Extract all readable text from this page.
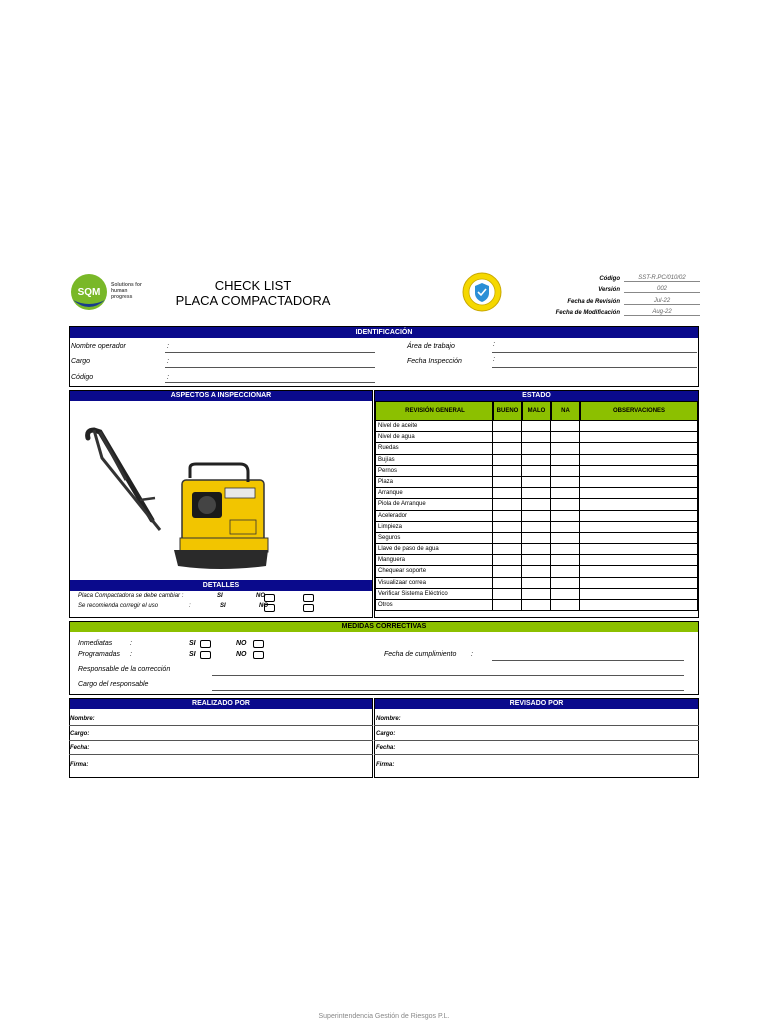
SQM
Solutions for human progress
CHECK LIST
PLACA COMPACTADORA
Código	SST-R.PC/010/02
Versión	002
Fecha de Revisión	Jul-22
Fecha de Modificación	Aug-22
IDENTIFICACIÓN
Nombre operador	:
Cargo	:
Código	:
Área de trabajo	:
Fecha Inspección	:
ASPECTOS A INSPECCIONAR	ESTADO
DETALLES
Placa Compactadora se debe cambiar :	SI	NO
Se recomienda corregir el uso	:	SI	NO
REVISIÓN GENERAL	BUENO	MALO	NA	OBSERVACIONES
Nivel de aceite
Nivel de agua
Ruedas
Bujías
Pernos
Plaza
Arranque
Piola de Arranque
Acelerador
Limpieza
Seguros
Llave de paso de agua
Manguera
Chequear soporte
Visualizaar correa
Verificar Sistema Eléctrico
Otros
MEDIDAS CORRECTIVAS
Inmediatas	:	SI	NO
Programadas :	SI	NO	Fecha de cumplimiento :
Responsable de la corrección
Cargo del responsable
REALIZADO POR	REVISADO POR
Nombre:
Cargo:
Fecha:
Firma:
Nombre:
Cargo:
Fecha:
Firma:
Superintendencia Gestión de Riesgos P.L.
